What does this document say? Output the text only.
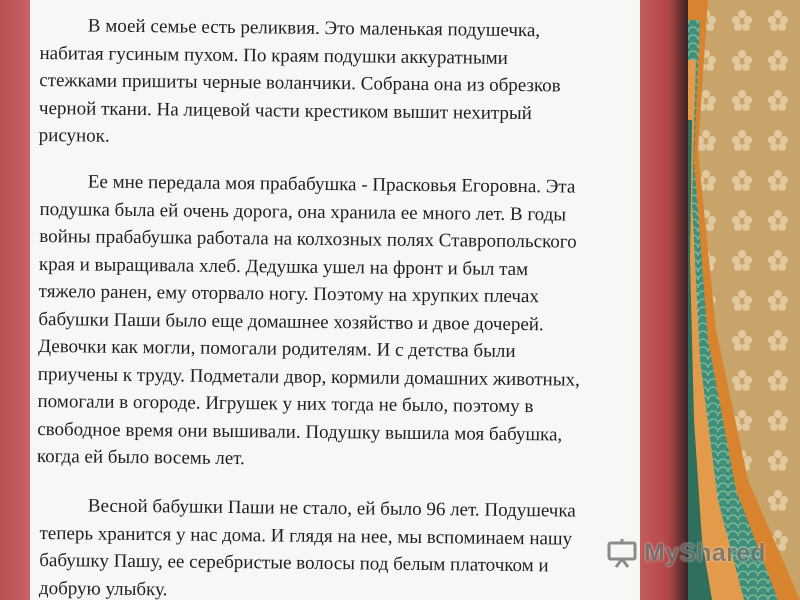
В моей семье есть реликвия. Это маленькая подушечка,
набитая гусиным пухом. По краям подушки аккуратными
стежками пришиты черные воланчики. Собрана она из обрезков
черной ткани. На лицевой части крестиком вышит нехитрый
рисунок.
Ее мне передала моя прабабушка - Прасковья Егоровна. Эта
подушка была ей очень дорога, она хранила ее много лет. В годы
войны прабабушка работала на колхозных полях Ставропольского
края и выращивала хлеб. Дедушка ушел на фронт и был там
тяжело ранен, ему оторвало ногу. Поэтому на хрупких плечах
бабушки Паши было еще домашнее хозяйство и двое дочерей.
Девочки как могли, помогали родителям. И с детства были
приучены к труду. Подметали двор, кормили домашних животных,
помогали в огороде. Игрушек у них тогда не было, поэтому в
свободное время они вышивали. Подушку вышила моя бабушка,
когда ей было восемь лет.
Весной бабушки Паши не стало, ей было 96 лет. Подушечка
теперь хранится у нас дома. И глядя на нее, мы вспоминаем нашу
бабушку Пашу, ее серебристые волосы под белым платочком и
добрую улыбку.
MyShared
